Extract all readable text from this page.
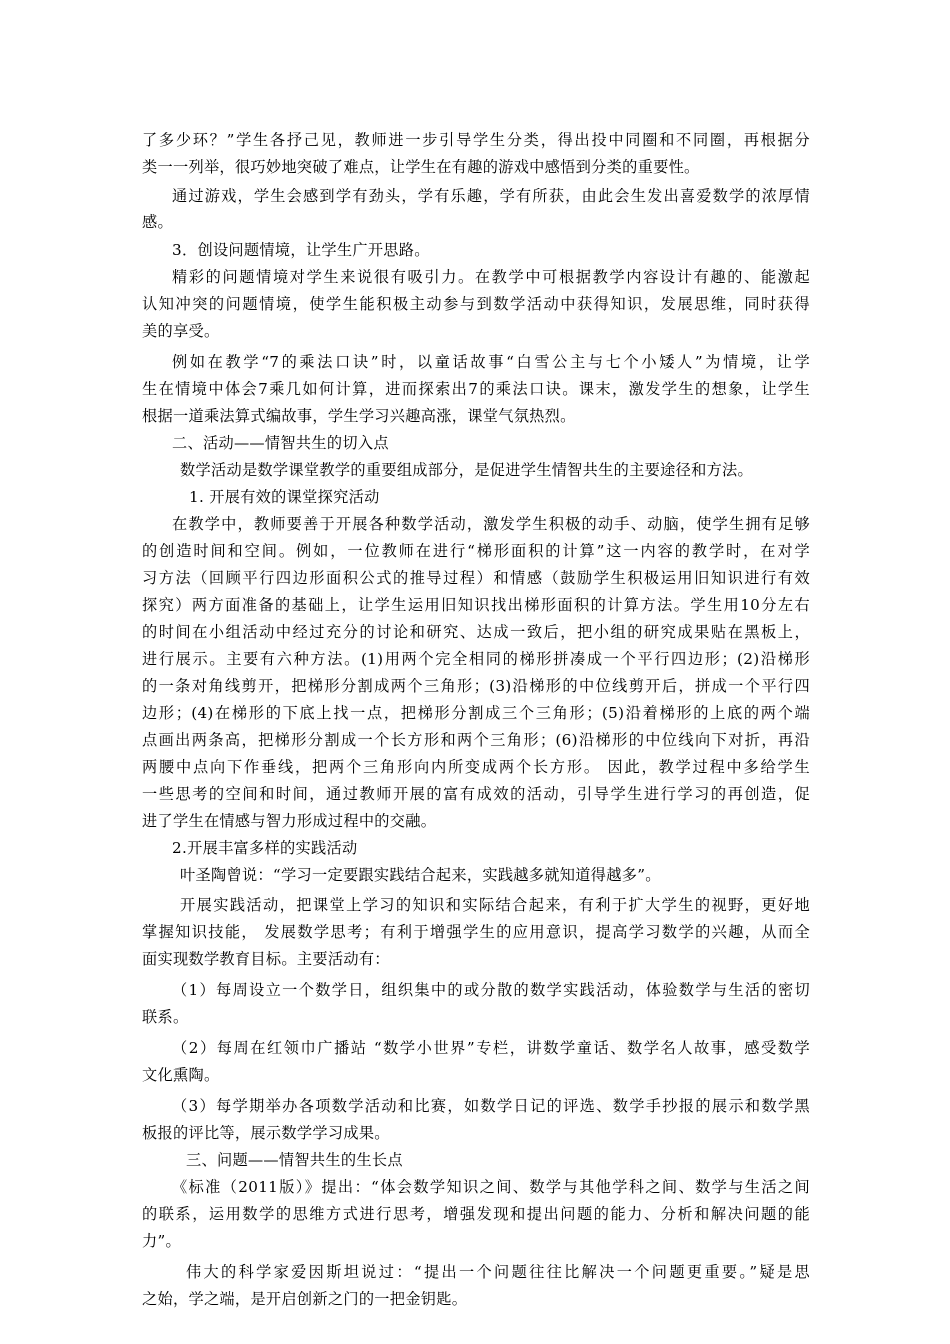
了多少环？”学生各抒己见，教师进一步引导学生分类，得出投中同圈和不同圈，再根据分
类一一列举，很巧妙地突破了难点，让学生在有趣的游戏中感悟到分类的重要性。
通过游戏，学生会感到学有劲头，学有乐趣，学有所获，由此会生发出喜爱数学的浓厚情
感。
3．创设问题情境，让学生广开思路。
精彩的问题情境对学生来说很有吸引力。在教学中可根据教学内容设计有趣的、能激起
认知冲突的问题情境，使学生能积极主动参与到数学活动中获得知识，发展思维，同时获得
美的享受。
例如在教学“7的乘法口诀”时，以童话故事“白雪公主与七个小矮人”为情境，让学
生在情境中体会7乘几如何计算，进而探索出7的乘法口诀。课末，激发学生的想象，让学生
根据一道乘法算式编故事，学生学习兴趣高涨，课堂气氛热烈。
二、活动——情智共生的切入点
数学活动是数学课堂教学的重要组成部分，是促进学生情智共生的主要途径和方法。
1. 开展有效的课堂探究活动
在教学中，教师要善于开展各种数学活动，激发学生积极的动手、动脑，使学生拥有足够
的创造时间和空间。例如，一位教师在进行“梯形面积的计算”这一内容的教学时，在对学
习方法（回顾平行四边形面积公式的推导过程）和情感（鼓励学生积极运用旧知识进行有效
探究）两方面准备的基础上，让学生运用旧知识找出梯形面积的计算方法。学生用10分左右
的时间在小组活动中经过充分的讨论和研究、达成一致后，把小组的研究成果贴在黑板上，
进行展示。主要有六种方法。(1)用两个完全相同的梯形拼凑成一个平行四边形；(2)沿梯形
的一条对角线剪开，把梯形分割成两个三角形；(3)沿梯形的中位线剪开后，拼成一个平行四
边形；(4)在梯形的下底上找一点，把梯形分割成三个三角形；(5)沿着梯形的上底的两个端
点画出两条高，把梯形分割成一个长方形和两个三角形；(6)沿梯形的中位线向下对折，再沿
两腰中点向下作垂线，把两个三角形向内所变成两个长方形。 因此，教学过程中多给学生
一些思考的空间和时间，通过教师开展的富有成效的活动，引导学生进行学习的再创造，促
进了学生在情感与智力形成过程中的交融。
2.开展丰富多样的实践活动
叶圣陶曾说：“学习一定要跟实践结合起来，实践越多就知道得越多”。
开展实践活动，把课堂上学习的知识和实际结合起来，有利于扩大学生的视野，更好地
掌握知识技能， 发展数学思考；有利于增强学生的应用意识，提高学习数学的兴趣，从而全
面实现数学教育目标。主要活动有：
（1）每周设立一个数学日，组织集中的或分散的数学实践活动，体验数学与生活的密切
联系。
（2）每周在红领巾广播站 “数学小世界”专栏，讲数学童话、数学名人故事，感受数学
文化熏陶。
（3）每学期举办各项数学活动和比赛，如数学日记的评选、数学手抄报的展示和数学黑
板报的评比等，展示数学学习成果。
三、问题——情智共生的生长点
《标准（2011版）》提出：“体会数学知识之间、数学与其他学科之间、数学与生活之间
的联系，运用数学的思维方式进行思考，增强发现和提出问题的能力、分析和解决问题的能
力”。
伟大的科学家爱因斯坦说过：“提出一个问题往往比解决一个问题更重要。”疑是思
之始，学之端，是开启创新之门的一把金钥匙。
